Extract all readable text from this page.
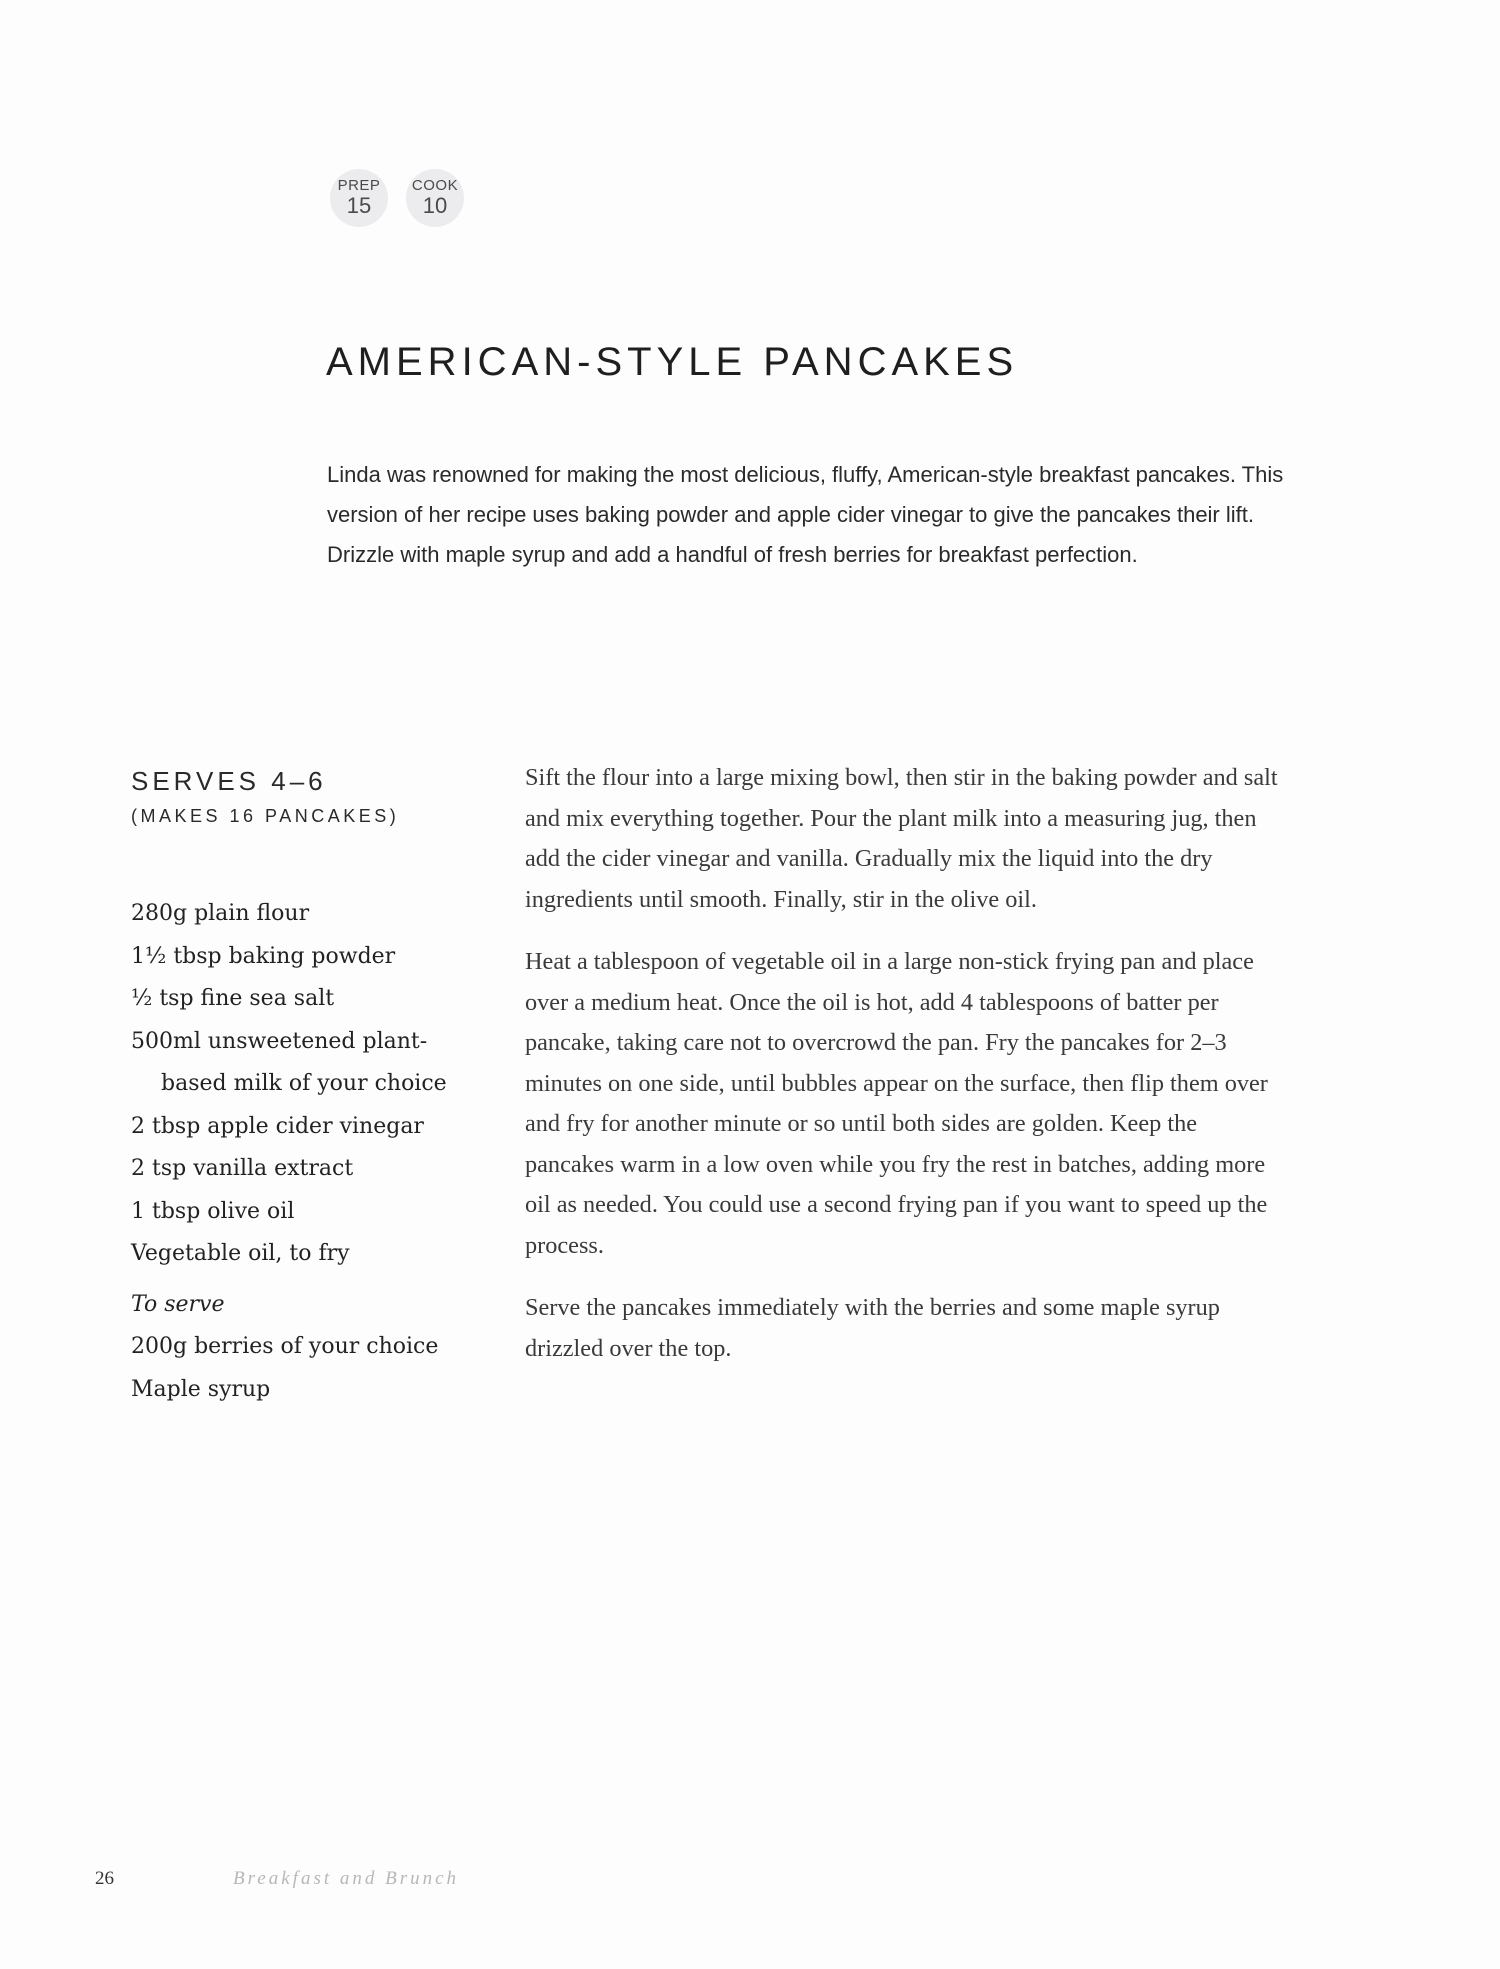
PREP
15
COOK
10
AMERICAN-STYLE PANCAKES

Linda was renowned for making the most delicious, fluffy, American-style breakfast pancakes. This version of her recipe uses baking powder and apple cider vinegar to give the pancakes their lift. Drizzle with maple syrup and add a handful of fresh berries for breakfast perfection.

SERVES 4–6
(MAKES 16 PANCAKES)
280g plain flour
1½ tbsp baking powder
½ tsp fine sea salt
500ml unsweetened plant-based milk of your choice
2 tbsp apple cider vinegar
2 tsp vanilla extract
1 tbsp olive oil
Vegetable oil, to fry
To serve
200g berries of your choice
Maple syrup

Sift the flour into a large mixing bowl, then stir in the baking powder and salt and mix everything together. Pour the plant milk into a measuring jug, then add the cider vinegar and vanilla. Gradually mix the liquid into the dry ingredients until smooth. Finally, stir in the olive oil.

Heat a tablespoon of vegetable oil in a large non-stick frying pan and place over a medium heat. Once the oil is hot, add 4 tablespoons of batter per pancake, taking care not to overcrowd the pan. Fry the pancakes for 2–3 minutes on one side, until bubbles appear on the surface, then flip them over and fry for another minute or so until both sides are golden. Keep the pancakes warm in a low oven while you fry the rest in batches, adding more oil as needed. You could use a second frying pan if you want to speed up the process.

Serve the pancakes immediately with the berries and some maple syrup drizzled over the top.

26	Breakfast and Brunch
